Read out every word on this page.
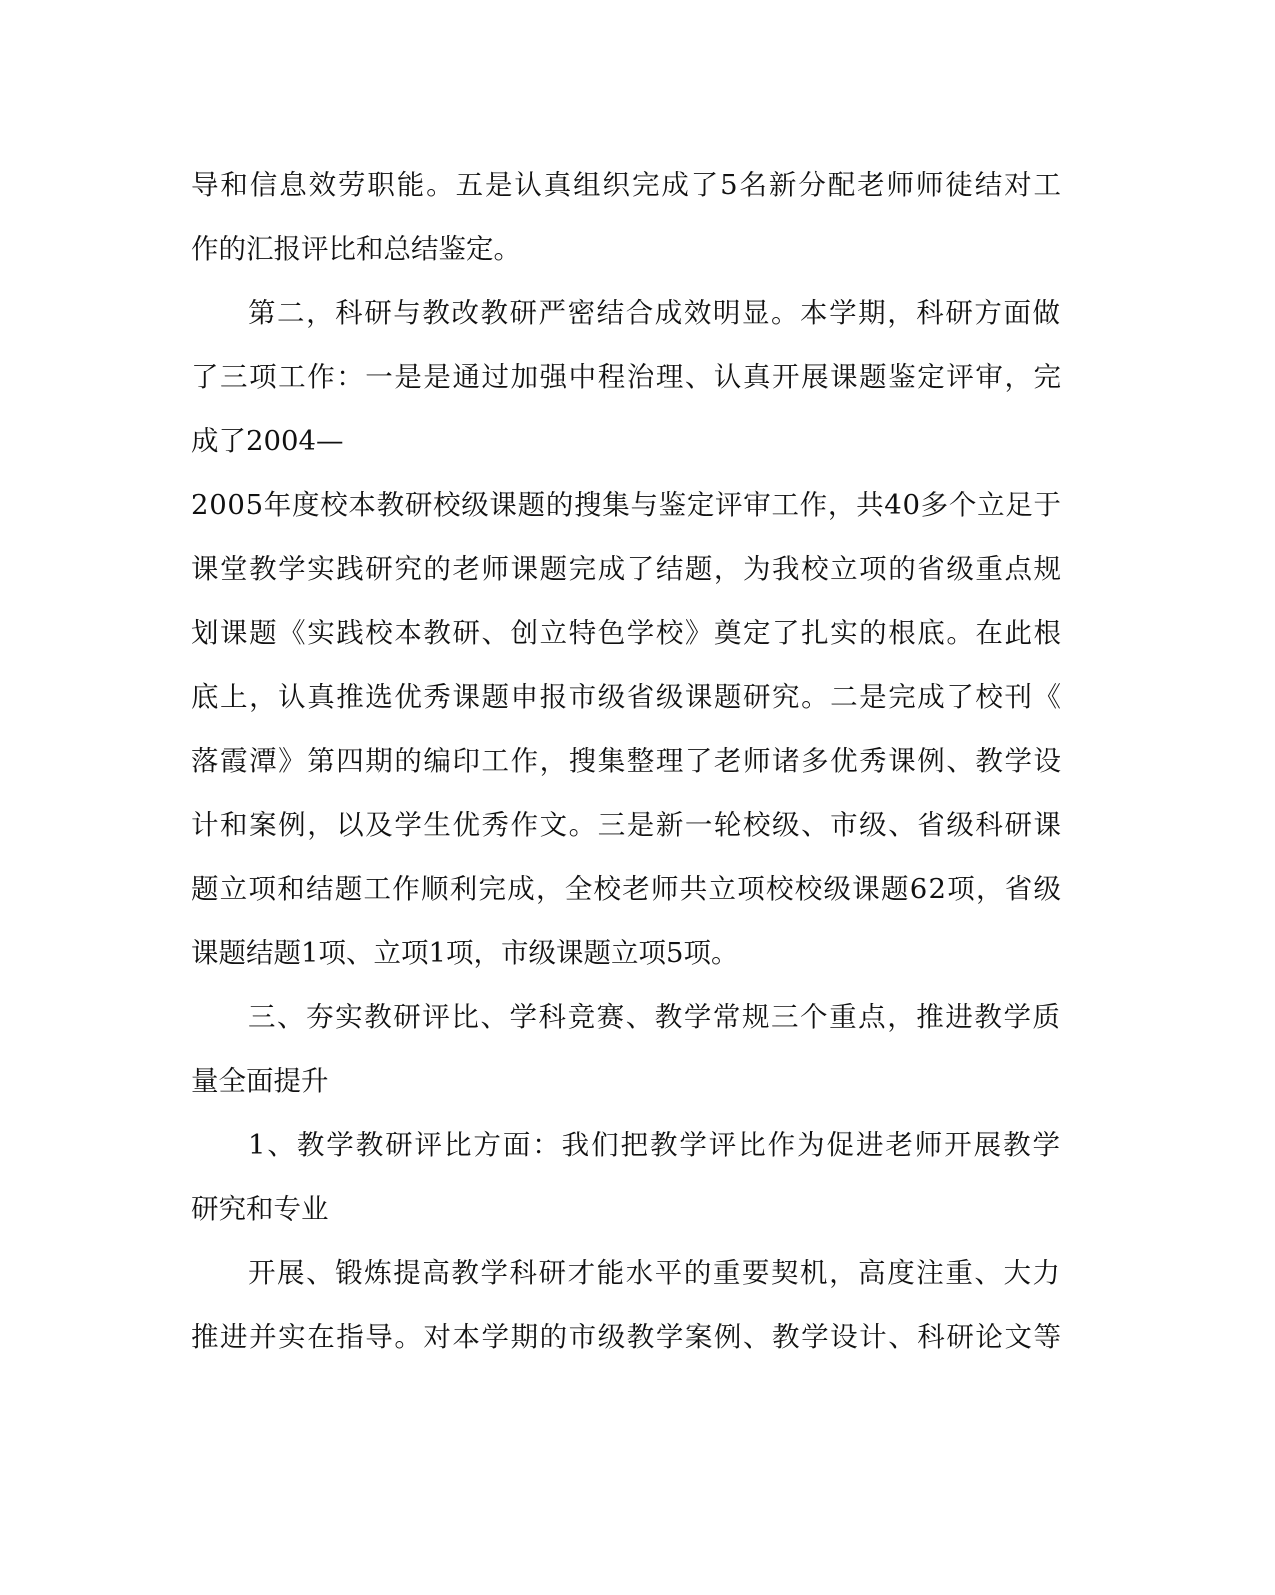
导和信息效劳职能。五是认真组织完成了5名新分配老师师徒结对工
作的汇报评比和总结鉴定。
第二，科研与教改教研严密结合成效明显。本学期，科研方面做
了三项工作：一是是通过加强中程治理、认真开展课题鉴定评审，完
成了2004—
2005年度校本教研校级课题的搜集与鉴定评审工作，共40多个立足于
课堂教学实践研究的老师课题完成了结题，为我校立项的省级重点规
划课题《实践校本教研、创立特色学校》奠定了扎实的根底。在此根
底上，认真推选优秀课题申报市级省级课题研究。二是完成了校刊《
落霞潭》第四期的编印工作，搜集整理了老师诸多优秀课例、教学设
计和案例，以及学生优秀作文。三是新一轮校级、市级、省级科研课
题立项和结题工作顺利完成，全校老师共立项校校级课题62项，省级
课题结题1项、立项1项，市级课题立项5项。
三、夯实教研评比、学科竞赛、教学常规三个重点，推进教学质
量全面提升
1、教学教研评比方面：我们把教学评比作为促进老师开展教学
研究和专业
开展、锻炼提高教学科研才能水平的重要契机，高度注重、大力
推进并实在指导。对本学期的市级教学案例、教学设计、科研论文等
